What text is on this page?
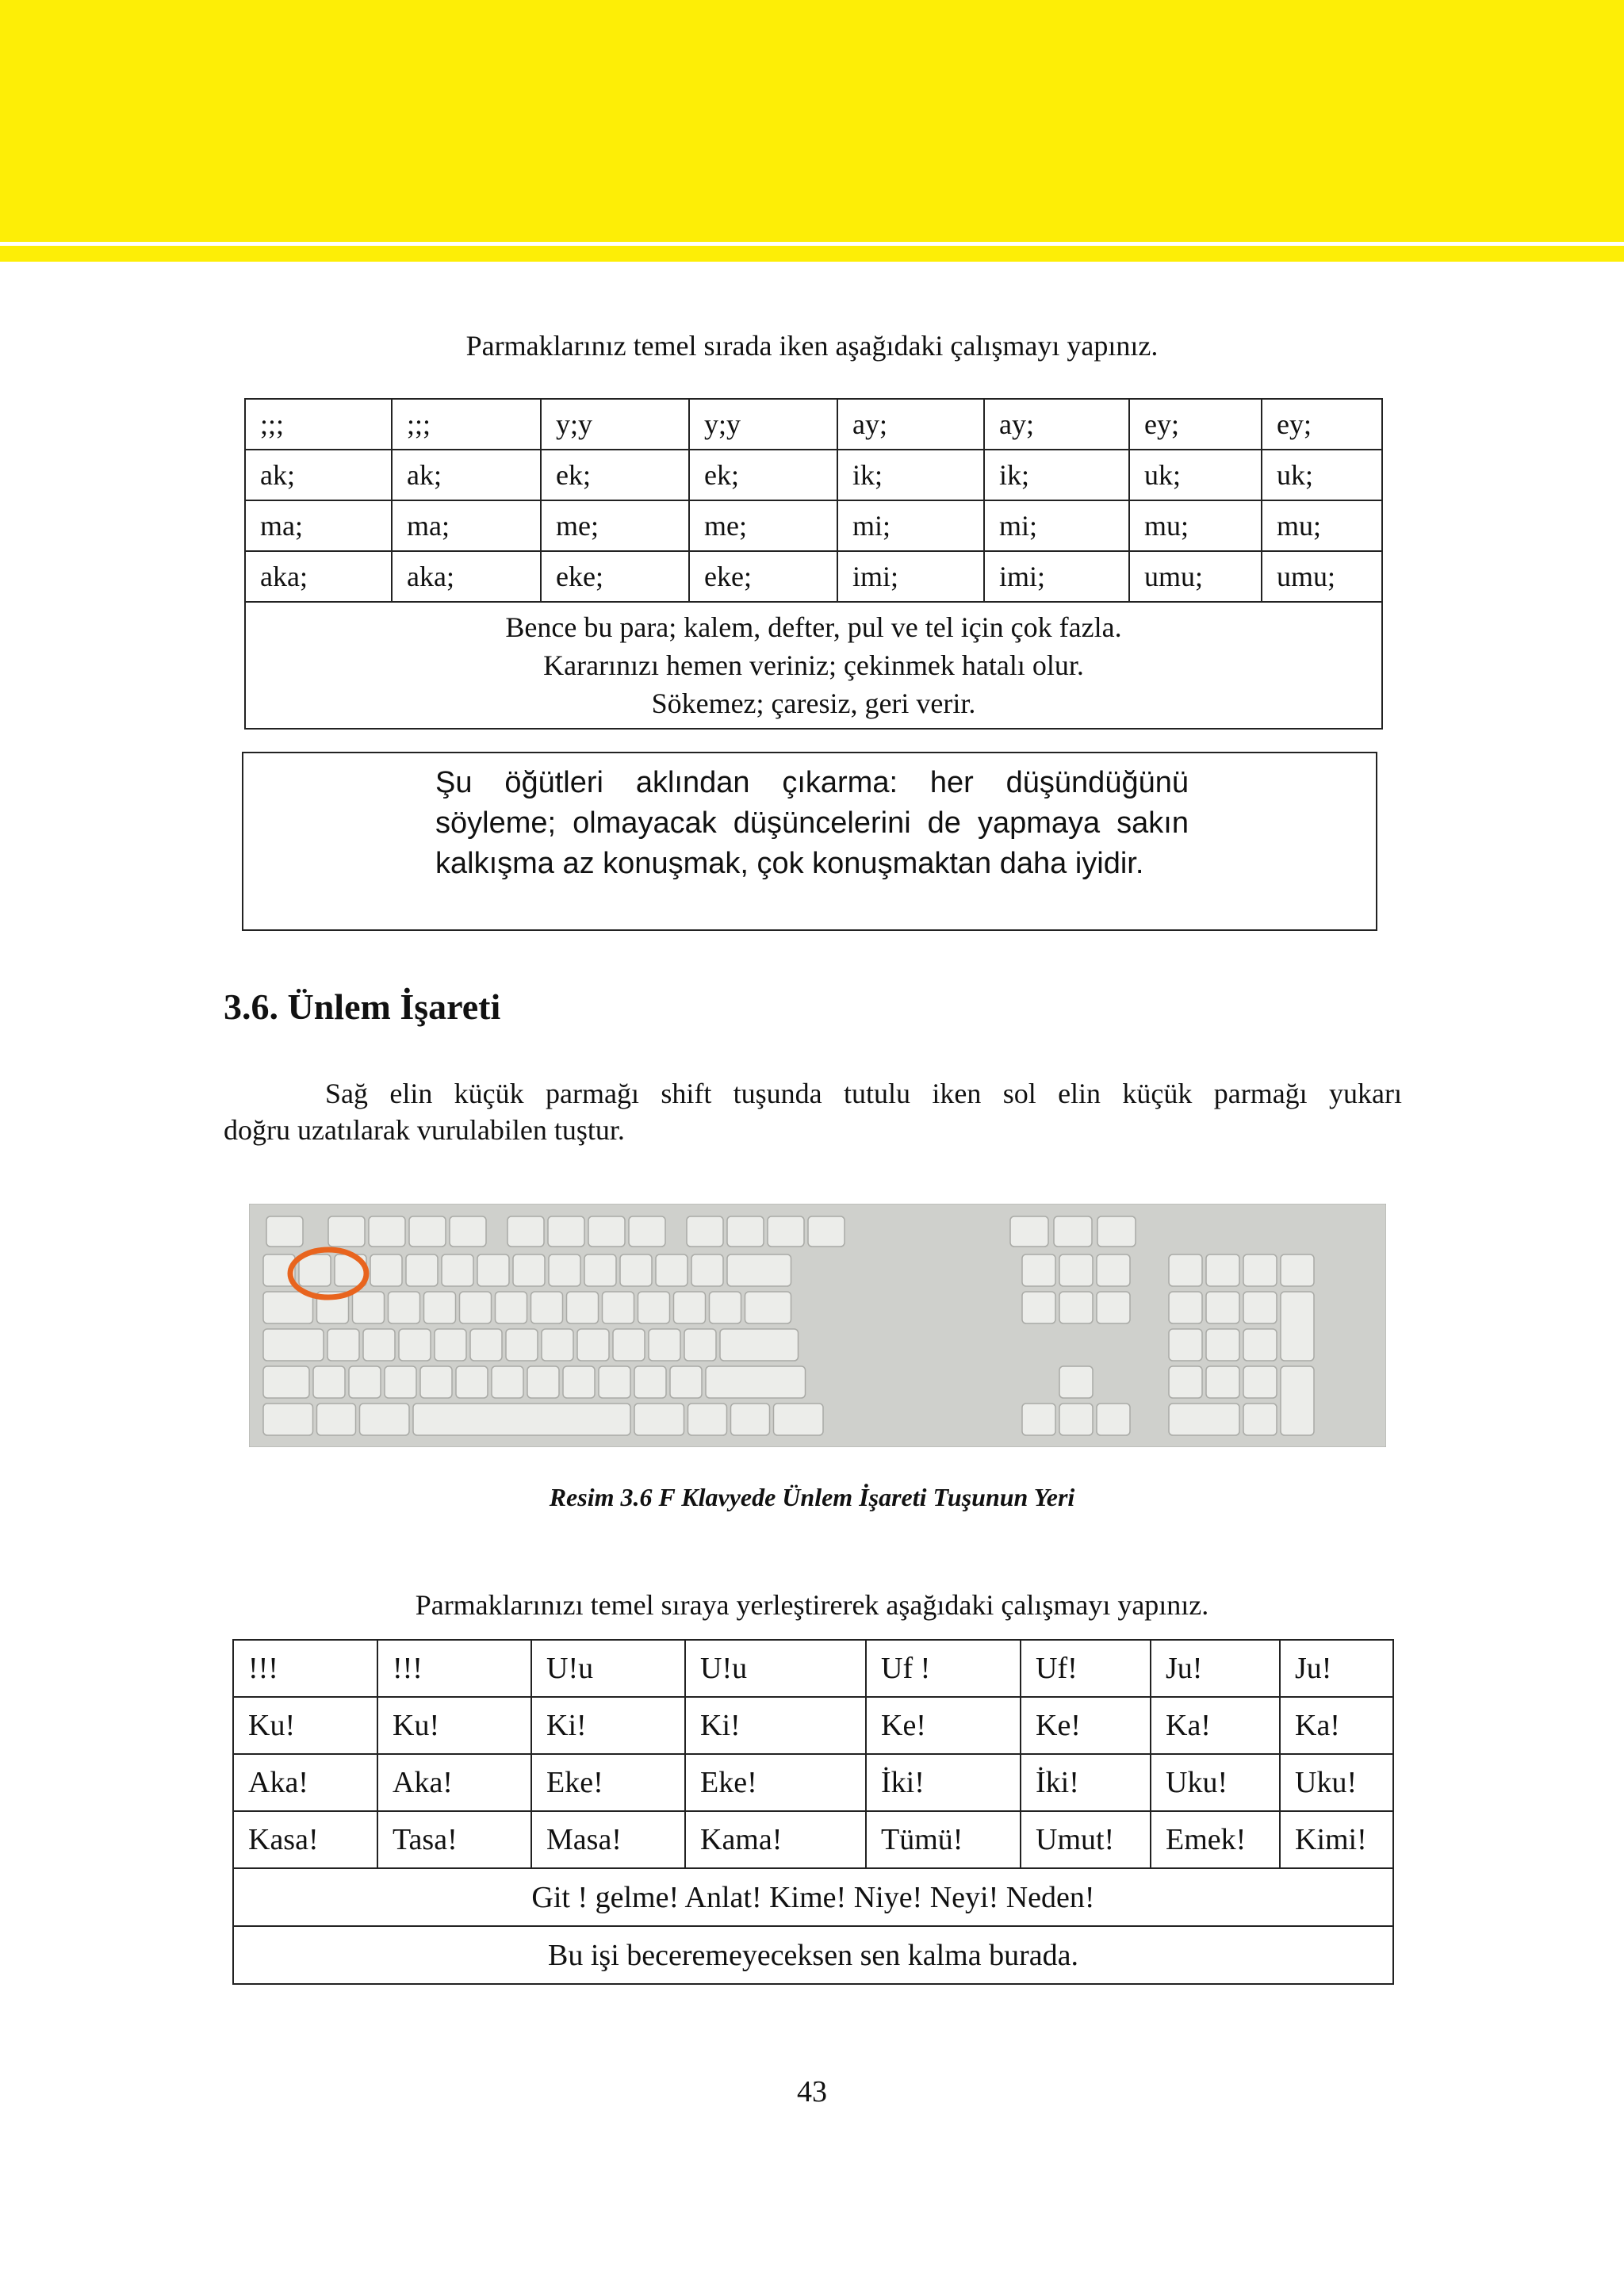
Parmaklarınız temel sırada iken aşağıdaki çalışmayı yapınız.
;;;	;;;	y;y	y;y	ay;	ay;	ey;	ey;
ak;	ak;	ek;	ek;	ik;	ik;	uk;	uk;
ma;	ma;	me;	me;	mi;	mi;	mu;	mu;
aka;	aka;	eke;	eke;	imi;	imi;	umu;	umu;

Bence bu para; kalem, defter, pul ve tel için çok fazla.
Kararınızı hemen veriniz; çekinmek hatalı olur.
Sökemez; çaresiz, geri verir.							
Şu öğütleri aklından çıkarma: her düşündüğünü
söyleme; olmayacak düşüncelerini de yapmaya sakın
kalkışma az konuşmak, çok konuşmaktan daha iyidir.
3.6. Ünlem İşareti
Sağ elin küçük parmağı shift tuşunda tutulu iken sol elin küçük parmağı yukarı
doğru uzatılarak vurulabilen tuştur.
Resim 3.6 F Klavyede Ünlem İşareti Tuşunun Yeri
Parmaklarınızı temel sıraya yerleştirerek aşağıdaki çalışmayı yapınız.
!!!	!!!	U!u	U!u	Uf !	Uf!	Ju!	Ju!
Ku!	Ku!	Ki!	Ki!	Ke!	Ke!	Ka!	Ka!
Aka!	Aka!	Eke!	Eke!	İki!	İki!	Uku!	Uku!
Kasa!	Tasa!	Masa!	Kama!	Tümü!	Umut!	Emek!	Kimi!
Git ! gelme! Anlat! Kime! Niye! Neyi! Neden!							
Bu işi beceremeyeceksen sen kalma burada.							
43
